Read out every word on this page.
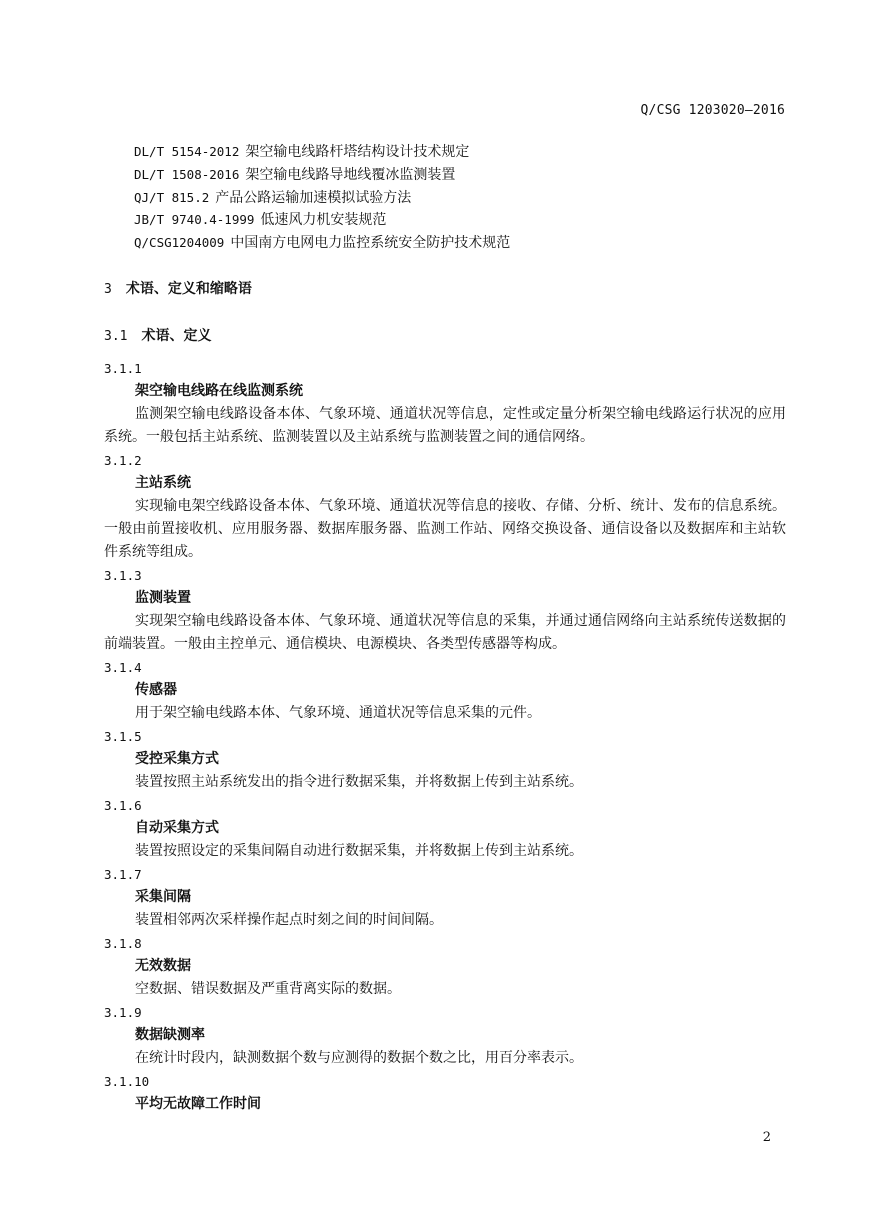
Q/CSG 1203020—2016
DL/T 5154-2012 架空输电线路杆塔结构设计技术规定
DL/T 1508-2016 架空输电线路导地线覆冰监测装置
QJ/T 815.2 产品公路运输加速模拟试验方法
JB/T 9740.4-1999 低速风力机安装规范
Q/CSG1204009 中国南方电网电力监控系统安全防护技术规范
3 术语、定义和缩略语
3.1 术语、定义
3.1.1
架空输电线路在线监测系统

监测架空输电线路设备本体、气象环境、通道状况等信息，定性或定量分析架空输电线路运行状况的应用系统。一般包括主站系统、监测装置以及主站系统与监测装置之间的通信网络。

3.1.2
主站系统

实现输电架空线路设备本体、气象环境、通道状况等信息的接收、存储、分析、统计、发布的信息系统。一般由前置接收机、应用服务器、数据库服务器、监测工作站、网络交换设备、通信设备以及数据库和主站软件系统等组成。

3.1.3
监测装置

实现架空输电线路设备本体、气象环境、通道状况等信息的采集，并通过通信网络向主站系统传送数据的前端装置。一般由主控单元、通信模块、电源模块、各类型传感器等构成。

3.1.4
传感器

用于架空输电线路本体、气象环境、通道状况等信息采集的元件。

3.1.5
受控采集方式

装置按照主站系统发出的指令进行数据采集，并将数据上传到主站系统。

3.1.6
自动采集方式

装置按照设定的采集间隔自动进行数据采集，并将数据上传到主站系统。

3.1.7
采集间隔

装置相邻两次采样操作起点时刻之间的时间间隔。

3.1.8
无效数据

空数据、错误数据及严重背离实际的数据。

3.1.9
数据缺测率

在统计时段内，缺测数据个数与应测得的数据个数之比，用百分率表示。

3.1.10
平均无故障工作时间
2
